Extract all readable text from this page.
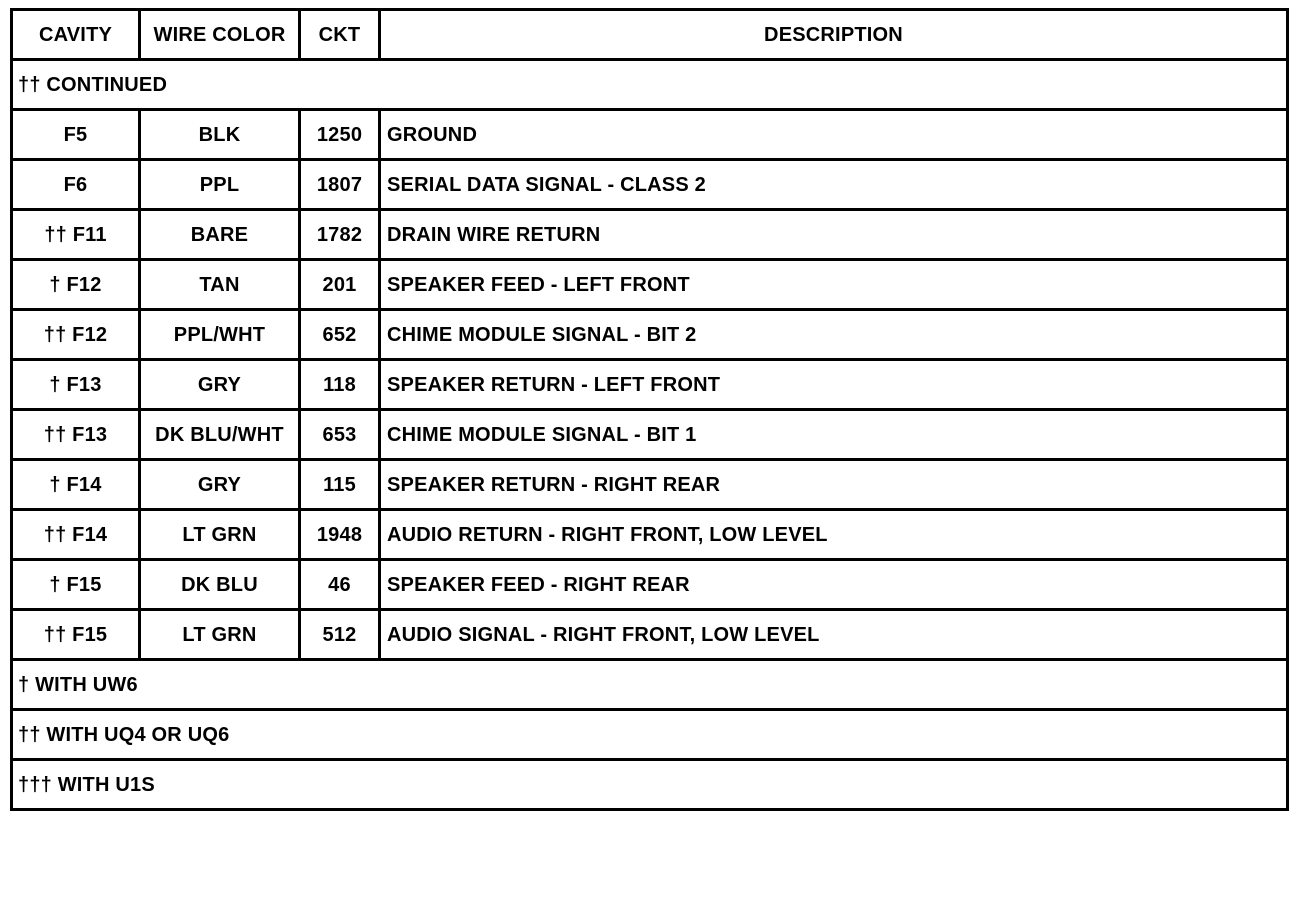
CAVITY	WIRE COLOR	CKT	DESCRIPTION
†† CONTINUED			
F5	BLK	1250	GROUND
F6	PPL	1807	SERIAL DATA SIGNAL - CLASS 2
†† F11	BARE	1782	DRAIN WIRE RETURN
† F12	TAN	201	SPEAKER FEED - LEFT FRONT
†† F12	PPL/WHT	652	CHIME MODULE SIGNAL - BIT 2
† F13	GRY	118	SPEAKER RETURN - LEFT FRONT
†† F13	DK BLU/WHT	653	CHIME MODULE SIGNAL - BIT 1
† F14	GRY	115	SPEAKER RETURN - RIGHT REAR
†† F14	LT GRN	1948	AUDIO RETURN - RIGHT FRONT, LOW LEVEL
† F15	DK BLU	46	SPEAKER FEED - RIGHT REAR
†† F15	LT GRN	512	AUDIO SIGNAL - RIGHT FRONT, LOW LEVEL
† WITH UW6			
†† WITH UQ4 OR UQ6			
††† WITH U1S			
